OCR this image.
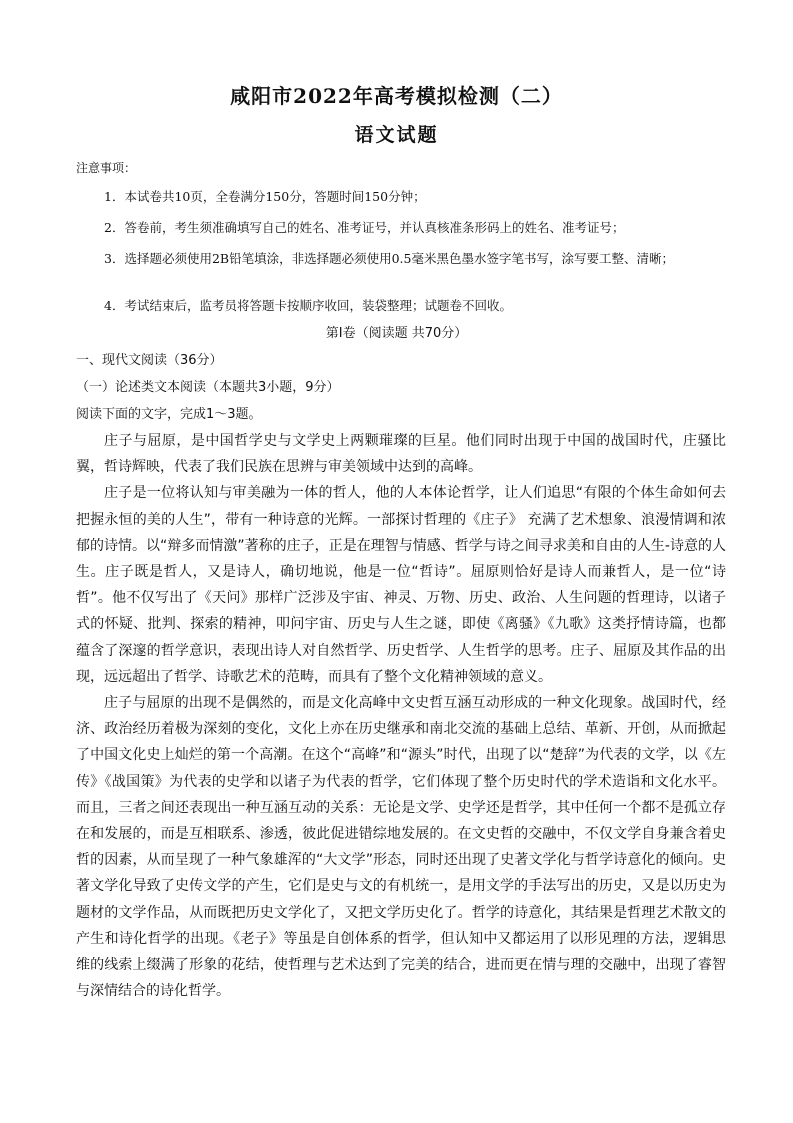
咸阳市2022年高考模拟检测（二）
语文试题
注意事项：

1．本试卷共10页，全卷满分150分，答题时间150分钟；

2．答卷前，考生须准确填写自己的姓名、准考证号，并认真核准条形码上的姓名、准考证号；

3．选择题必须使用2B铅笔填涂，非选择题必须使用0.5毫米黑色墨水签字笔书写，涂写要工整、清晰；

4．考试结束后，监考员将答题卡按顺序收回，装袋整理；试题卷不回收。

第Ⅰ卷（阅读题 共70分）
一、现代文阅读（36分）
（一）论述类文本阅读（本题共3小题，9分）
阅读下面的文字，完成1～3题。

庄子与屈原，是中国哲学史与文学史上两颗璀璨的巨星。他们同时出现于中国的战国时代，庄骚比翼，哲诗辉映，代表了我们民族在思辨与审美领域中达到的高峰。

庄子是一位将认知与审美融为一体的哲人，他的人本体论哲学，让人们追思“有限的个体生命如何去把握永恒的美的人生”，带有一种诗意的光辉。一部探讨哲理的《庄子》 充满了艺术想象、浪漫情调和浓郁的诗情。以“辩多而情激”著称的庄子，正是在理智与情感、哲学与诗之间寻求美和自由的人生-诗意的人生。庄子既是哲人，又是诗人，确切地说，他是一位“哲诗”。屈原则恰好是诗人而兼哲人，是一位“诗哲”。他不仅写出了《天问》那样广泛涉及宇宙、神灵、万物、历史、政治、人生问题的哲理诗，以诸子式的怀疑、批判、探索的精神，叩问宇宙、历史与人生之谜，即使《离骚》《九歌》这类抒情诗篇，也都蕴含了深邃的哲学意识，表现出诗人对自然哲学、历史哲学、人生哲学的思考。庄子、屈原及其作品的出现，远远超出了哲学、诗歌艺术的范畴，而具有了整个文化精神领域的意义。

庄子与屈原的出现不是偶然的，而是文化高峰中文史哲互涵互动形成的一种文化现象。战国时代，经济、政治经历着极为深刻的变化，文化上亦在历史继承和南北交流的基础上总结、革新、开创，从而掀起了中国文化史上灿烂的第一个高潮。在这个“高峰”和“源头”时代，出现了以“楚辞”为代表的文学，以《左传》《战国策》为代表的史学和以诸子为代表的哲学，它们体现了整个历史时代的学术造诣和文化水平。而且，三者之间还表现出一种互涵互动的关系：无论是文学、史学还是哲学，其中任何一个都不是孤立存在和发展的，而是互相联系、渗透，彼此促进错综地发展的。在文史哲的交融中，不仅文学自身兼含着史哲的因素，从而呈现了一种气象雄浑的“大文学”形态，同时还出现了史著文学化与哲学诗意化的倾向。史著文学化导致了史传文学的产生，它们是史与文的有机统一，是用文学的手法写出的历史，又是以历史为题材的文学作品，从而既把历史文学化了，又把文学历史化了。哲学的诗意化，其结果是哲理艺术散文的产生和诗化哲学的出现。《老子》等虽是自创体系的哲学，但认知中又都运用了以形见理的方法，逻辑思维的线索上缀满了形象的花结，使哲理与艺术达到了完美的结合，进而更在情与理的交融中，出现了睿智与深情结合的诗化哲学。
